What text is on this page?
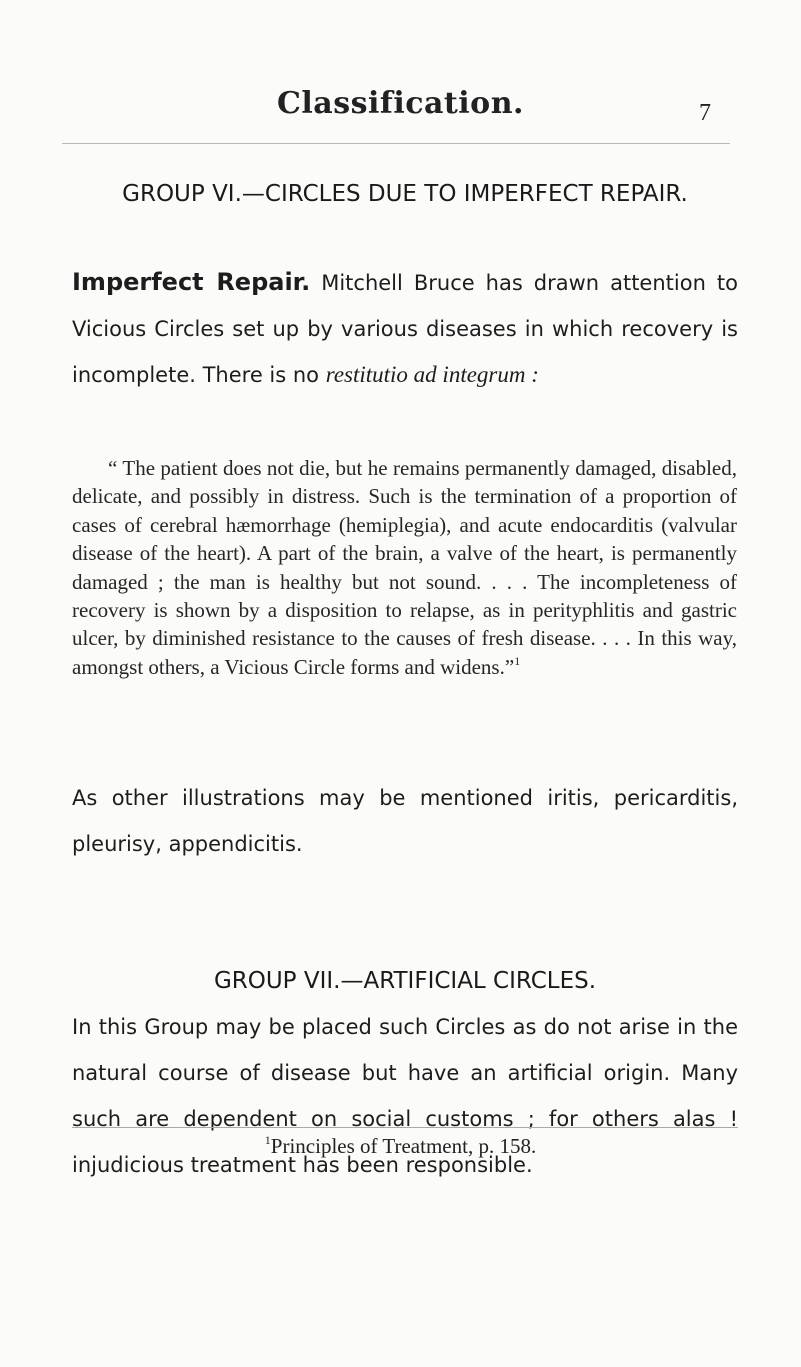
Classification.	7
GROUP VI.—CIRCLES DUE TO IMPERFECT REPAIR.
Imperfect Repair. Mitchell Bruce has drawn attention to Vicious Circles set up by various diseases in which recovery is incomplete. There is no restitutio ad integrum :

“ The patient does not die, but he remains permanently damaged, disabled, delicate, and possibly in distress. Such is the termination of a proportion of cases of cerebral hæmorrhage (hemiplegia), and acute endocarditis (valvular disease of the heart). A part of the brain, a valve of the heart, is permanently damaged ; the man is healthy but not sound. . . . The incompleteness of recovery is shown by a disposition to relapse, as in perityphlitis and gastric ulcer, by diminished resistance to the causes of fresh disease. . . . In this way, amongst others, a Vicious Circle forms and widens.”$^1$

As other illustrations may be mentioned iritis, pericarditis, pleurisy, appendicitis.
GROUP VII.—ARTIFICIAL CIRCLES.
In this Group may be placed such Circles as do not arise in the natural course of disease but have an artificial origin. Many such are dependent on social customs ; for others alas ! injudicious treatment has been responsible.
$^1$Principles of Treatment, p. 158.
